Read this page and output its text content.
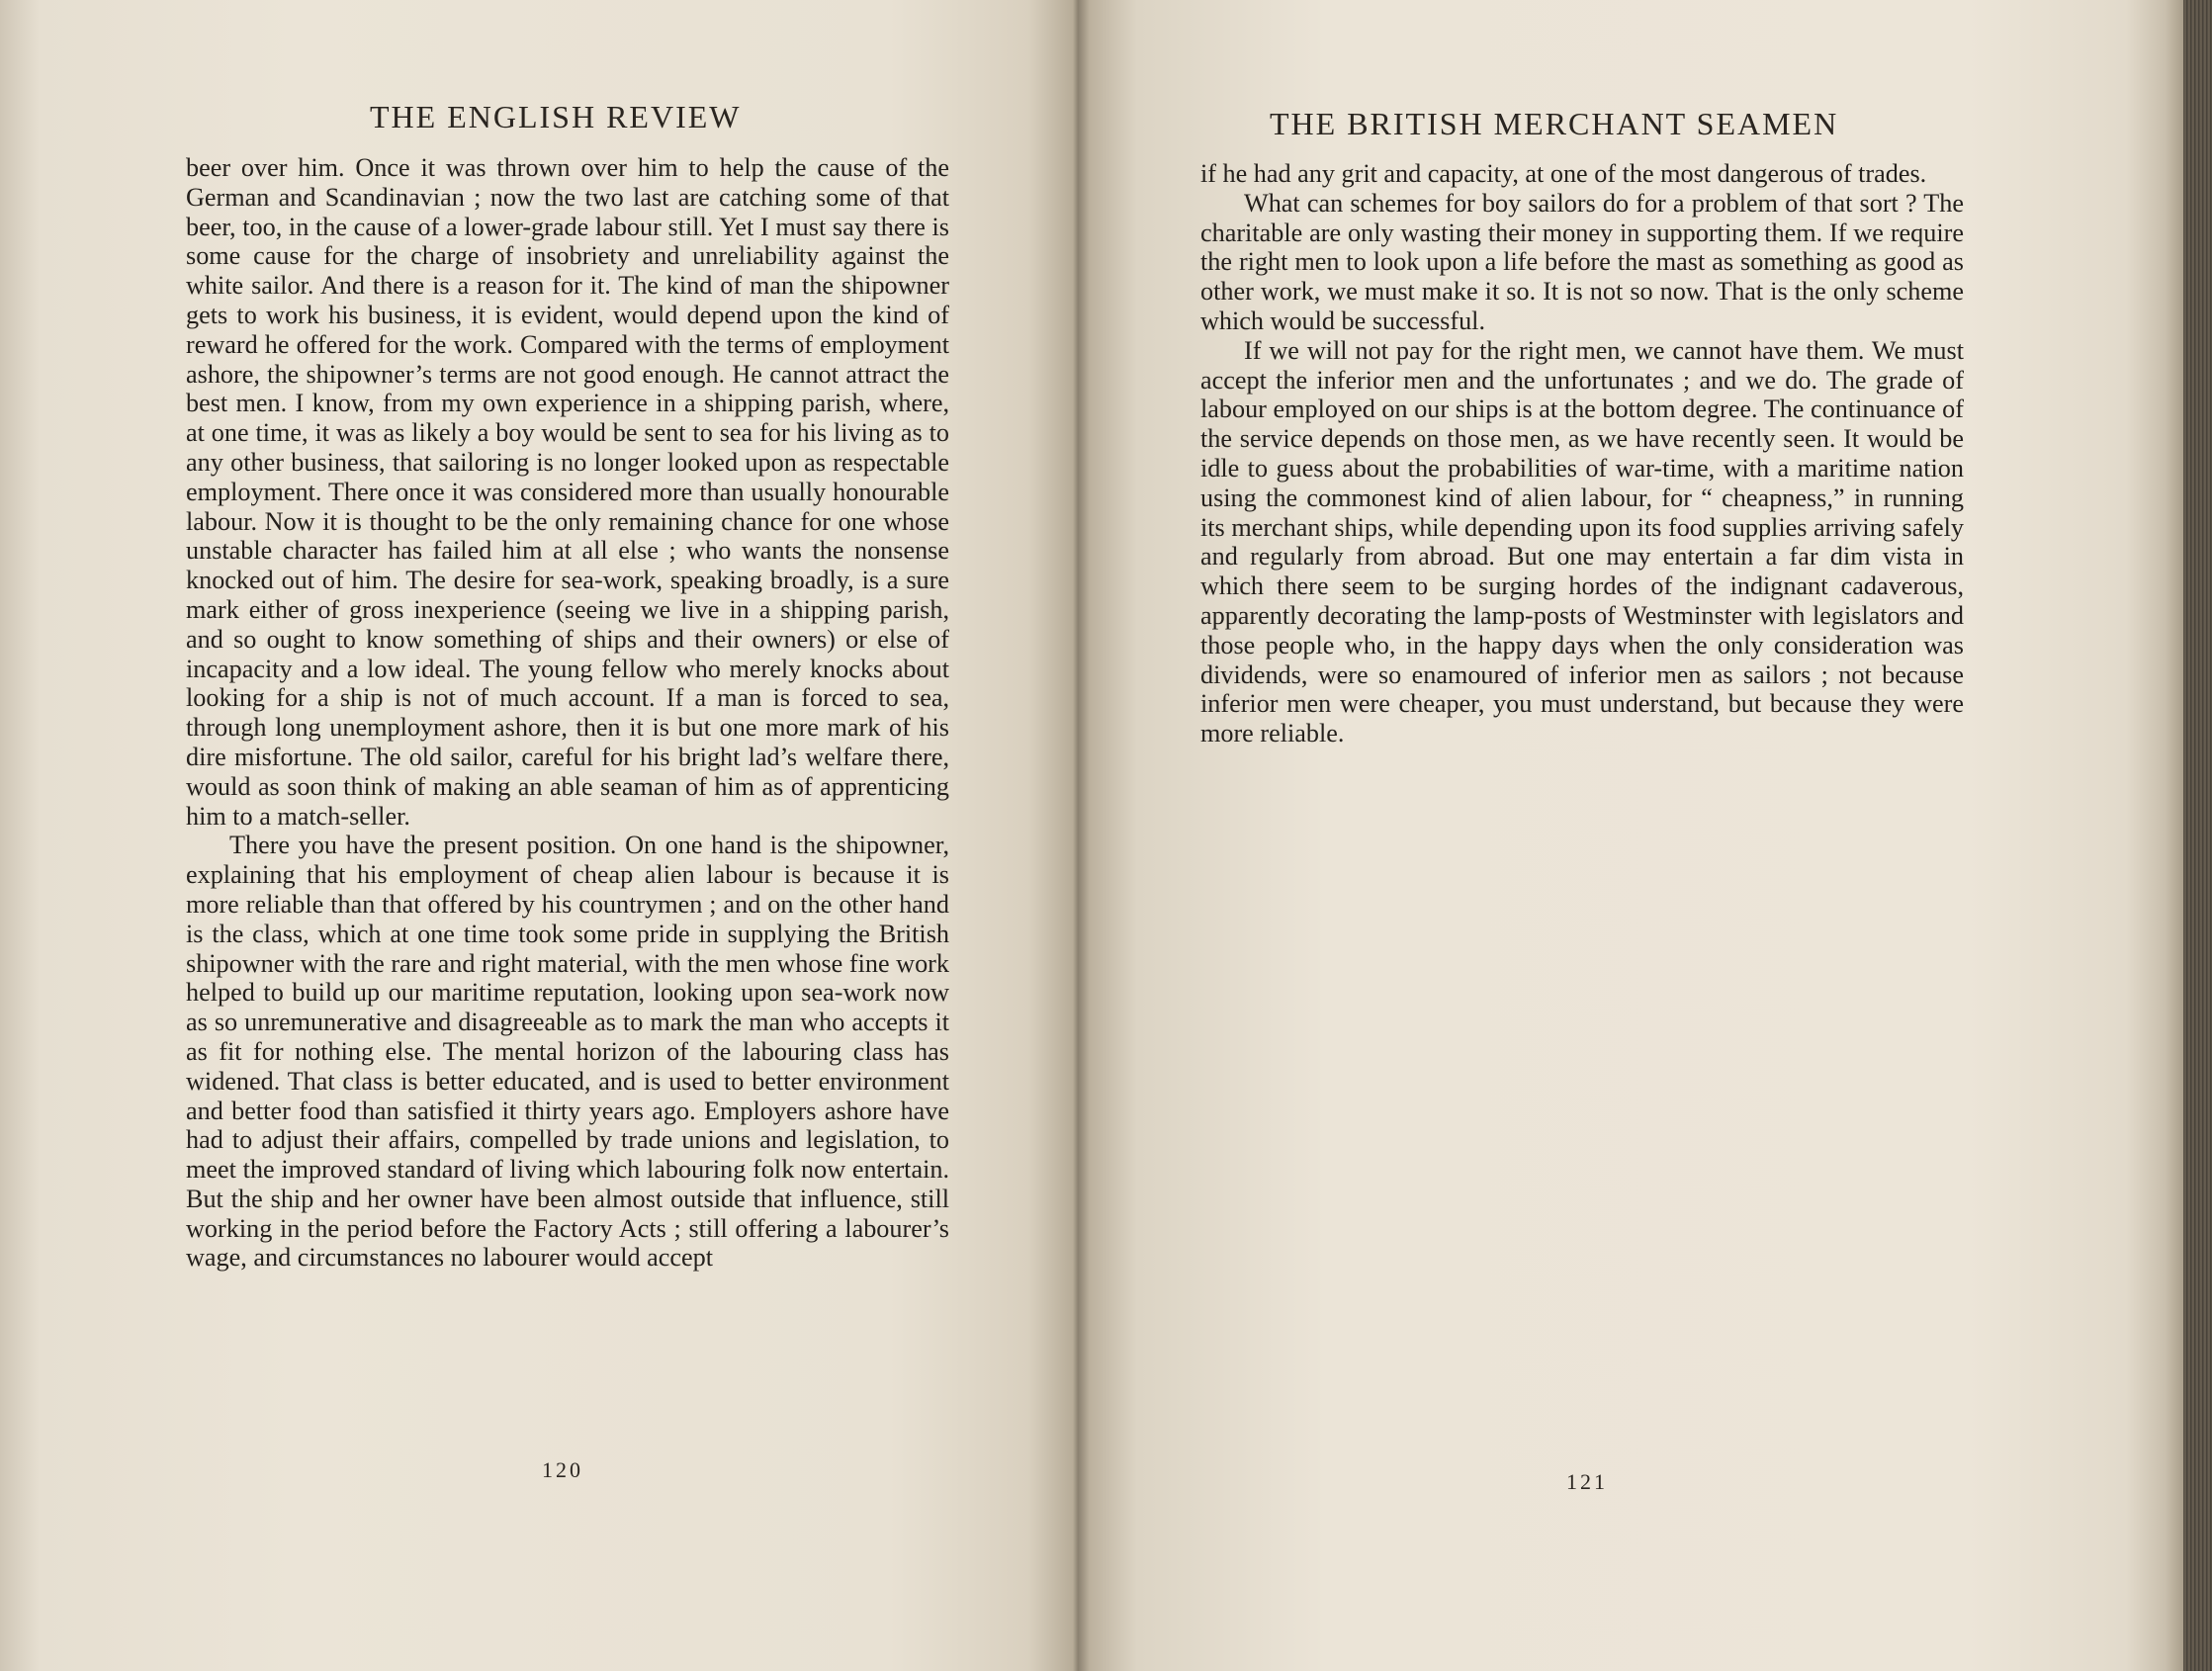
THE ENGLISH REVIEW

beer over him. Once it was thrown over him to help the cause of the German and Scandinavian ; now the two last are catching some of that beer, too, in the cause of a lower-grade labour still. Yet I must say there is some cause for the charge of insobriety and unreliability against the white sailor. And there is a reason for it. The kind of man the shipowner gets to work his business, it is evident, would depend upon the kind of reward he offered for the work. Compared with the terms of employment ashore, the shipowner’s terms are not good enough. He cannot attract the best men. I know, from my own experience in a shipping parish, where, at one time, it was as likely a boy would be sent to sea for his living as to any other business, that sailoring is no longer looked upon as respectable employment. There once it was considered more than usually honourable labour. Now it is thought to be the only remaining chance for one whose unstable character has failed him at all else ; who wants the nonsense knocked out of him. The desire for sea-work, speaking broadly, is a sure mark either of gross inexperience (seeing we live in a shipping parish, and so ought to know something of ships and their owners) or else of incapacity and a low ideal. The young fellow who merely knocks about looking for a ship is not of much account. If a man is forced to sea, through long unemployment ashore, then it is but one more mark of his dire misfortune. The old sailor, careful for his bright lad’s welfare there, would as soon think of making an able seaman of him as of apprenticing him to a match-seller.

There you have the present position. On one hand is the shipowner, explaining that his employment of cheap alien labour is because it is more reliable than that offered by his countrymen ; and on the other hand is the class, which at one time took some pride in supplying the British shipowner with the rare and right material, with the men whose fine work helped to build up our maritime reputation, looking upon sea-work now as so unremunerative and disagreeable as to mark the man who accepts it as fit for nothing else. The mental horizon of the labouring class has widened. That class is better educated, and is used to better environment and better food than satisfied it thirty years ago. Employers ashore have had to adjust their affairs, compelled by trade unions and legislation, to meet the improved standard of living which labouring folk now entertain. But the ship and her owner have been almost outside that influence, still working in the period before the Factory Acts ; still offering a labourer’s wage, and circumstances no labourer would accept

120
THE BRITISH MERCHANT SEAMEN

if he had any grit and capacity, at one of the most dangerous of trades.

What can schemes for boy sailors do for a problem of that sort ? The charitable are only wasting their money in supporting them. If we require the right men to look upon a life before the mast as something as good as other work, we must make it so. It is not so now. That is the only scheme which would be successful.

If we will not pay for the right men, we cannot have them. We must accept the inferior men and the unfortunates ; and we do. The grade of labour employed on our ships is at the bottom degree. The continuance of the service depends on those men, as we have recently seen. It would be idle to guess about the probabilities of war-time, with a maritime nation using the commonest kind of alien labour, for “ cheapness,” in running its merchant ships, while depending upon its food supplies arriving safely and regularly from abroad. But one may entertain a far dim vista in which there seem to be surging hordes of the indignant cadaverous, apparently decorating the lamp-posts of Westminster with legislators and those people who, in the happy days when the only consideration was dividends, were so enamoured of inferior men as sailors ; not because inferior men were cheaper, you must understand, but because they were more reliable.

121
